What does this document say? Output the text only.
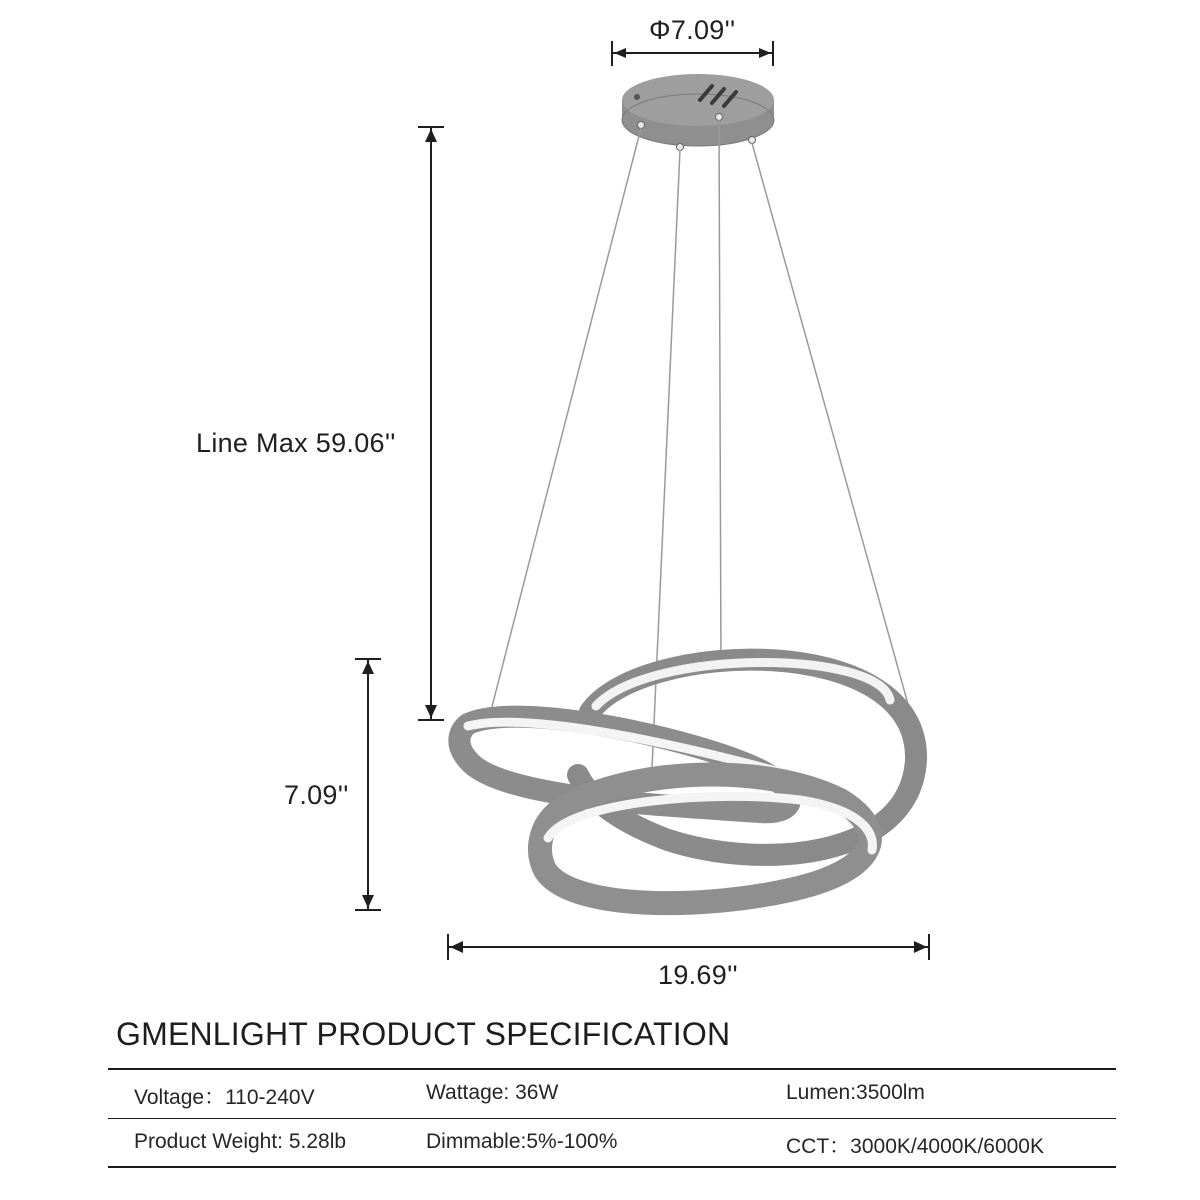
Φ7.09''
Line Max 59.06''
7.09''
19.69''
GMENLIGHT PRODUCT SPECIFICATION
Voltage：110-240V	Wattage: 36W	Lumen:3500lm
Product Weight: 5.28lb	Dimmable:5%-100%	CCT：3000K/4000K/6000K
